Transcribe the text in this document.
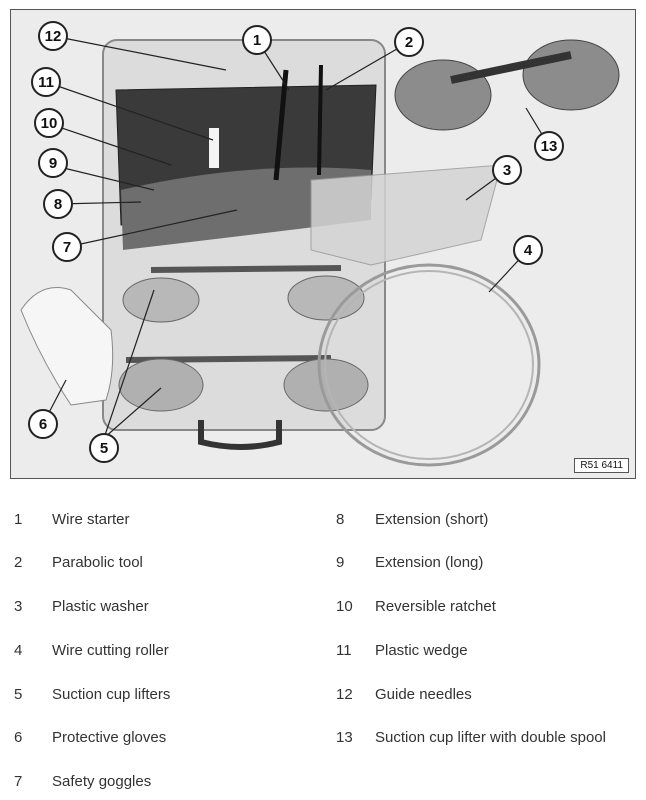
1	2
3
4
5
6
7
8
9
10
11
12
13
R51 6411
1 Wire starter
2 Parabolic tool
3 Plastic washer
4 Wire cutting roller
5 Suction cup lifters
6 Protective gloves
7 Safety goggles
8 Extension (short)
9 Extension (long)
10 Reversible ratchet
11 Plastic wedge
12 Guide needles
13 Suction cup lifter with double spool
